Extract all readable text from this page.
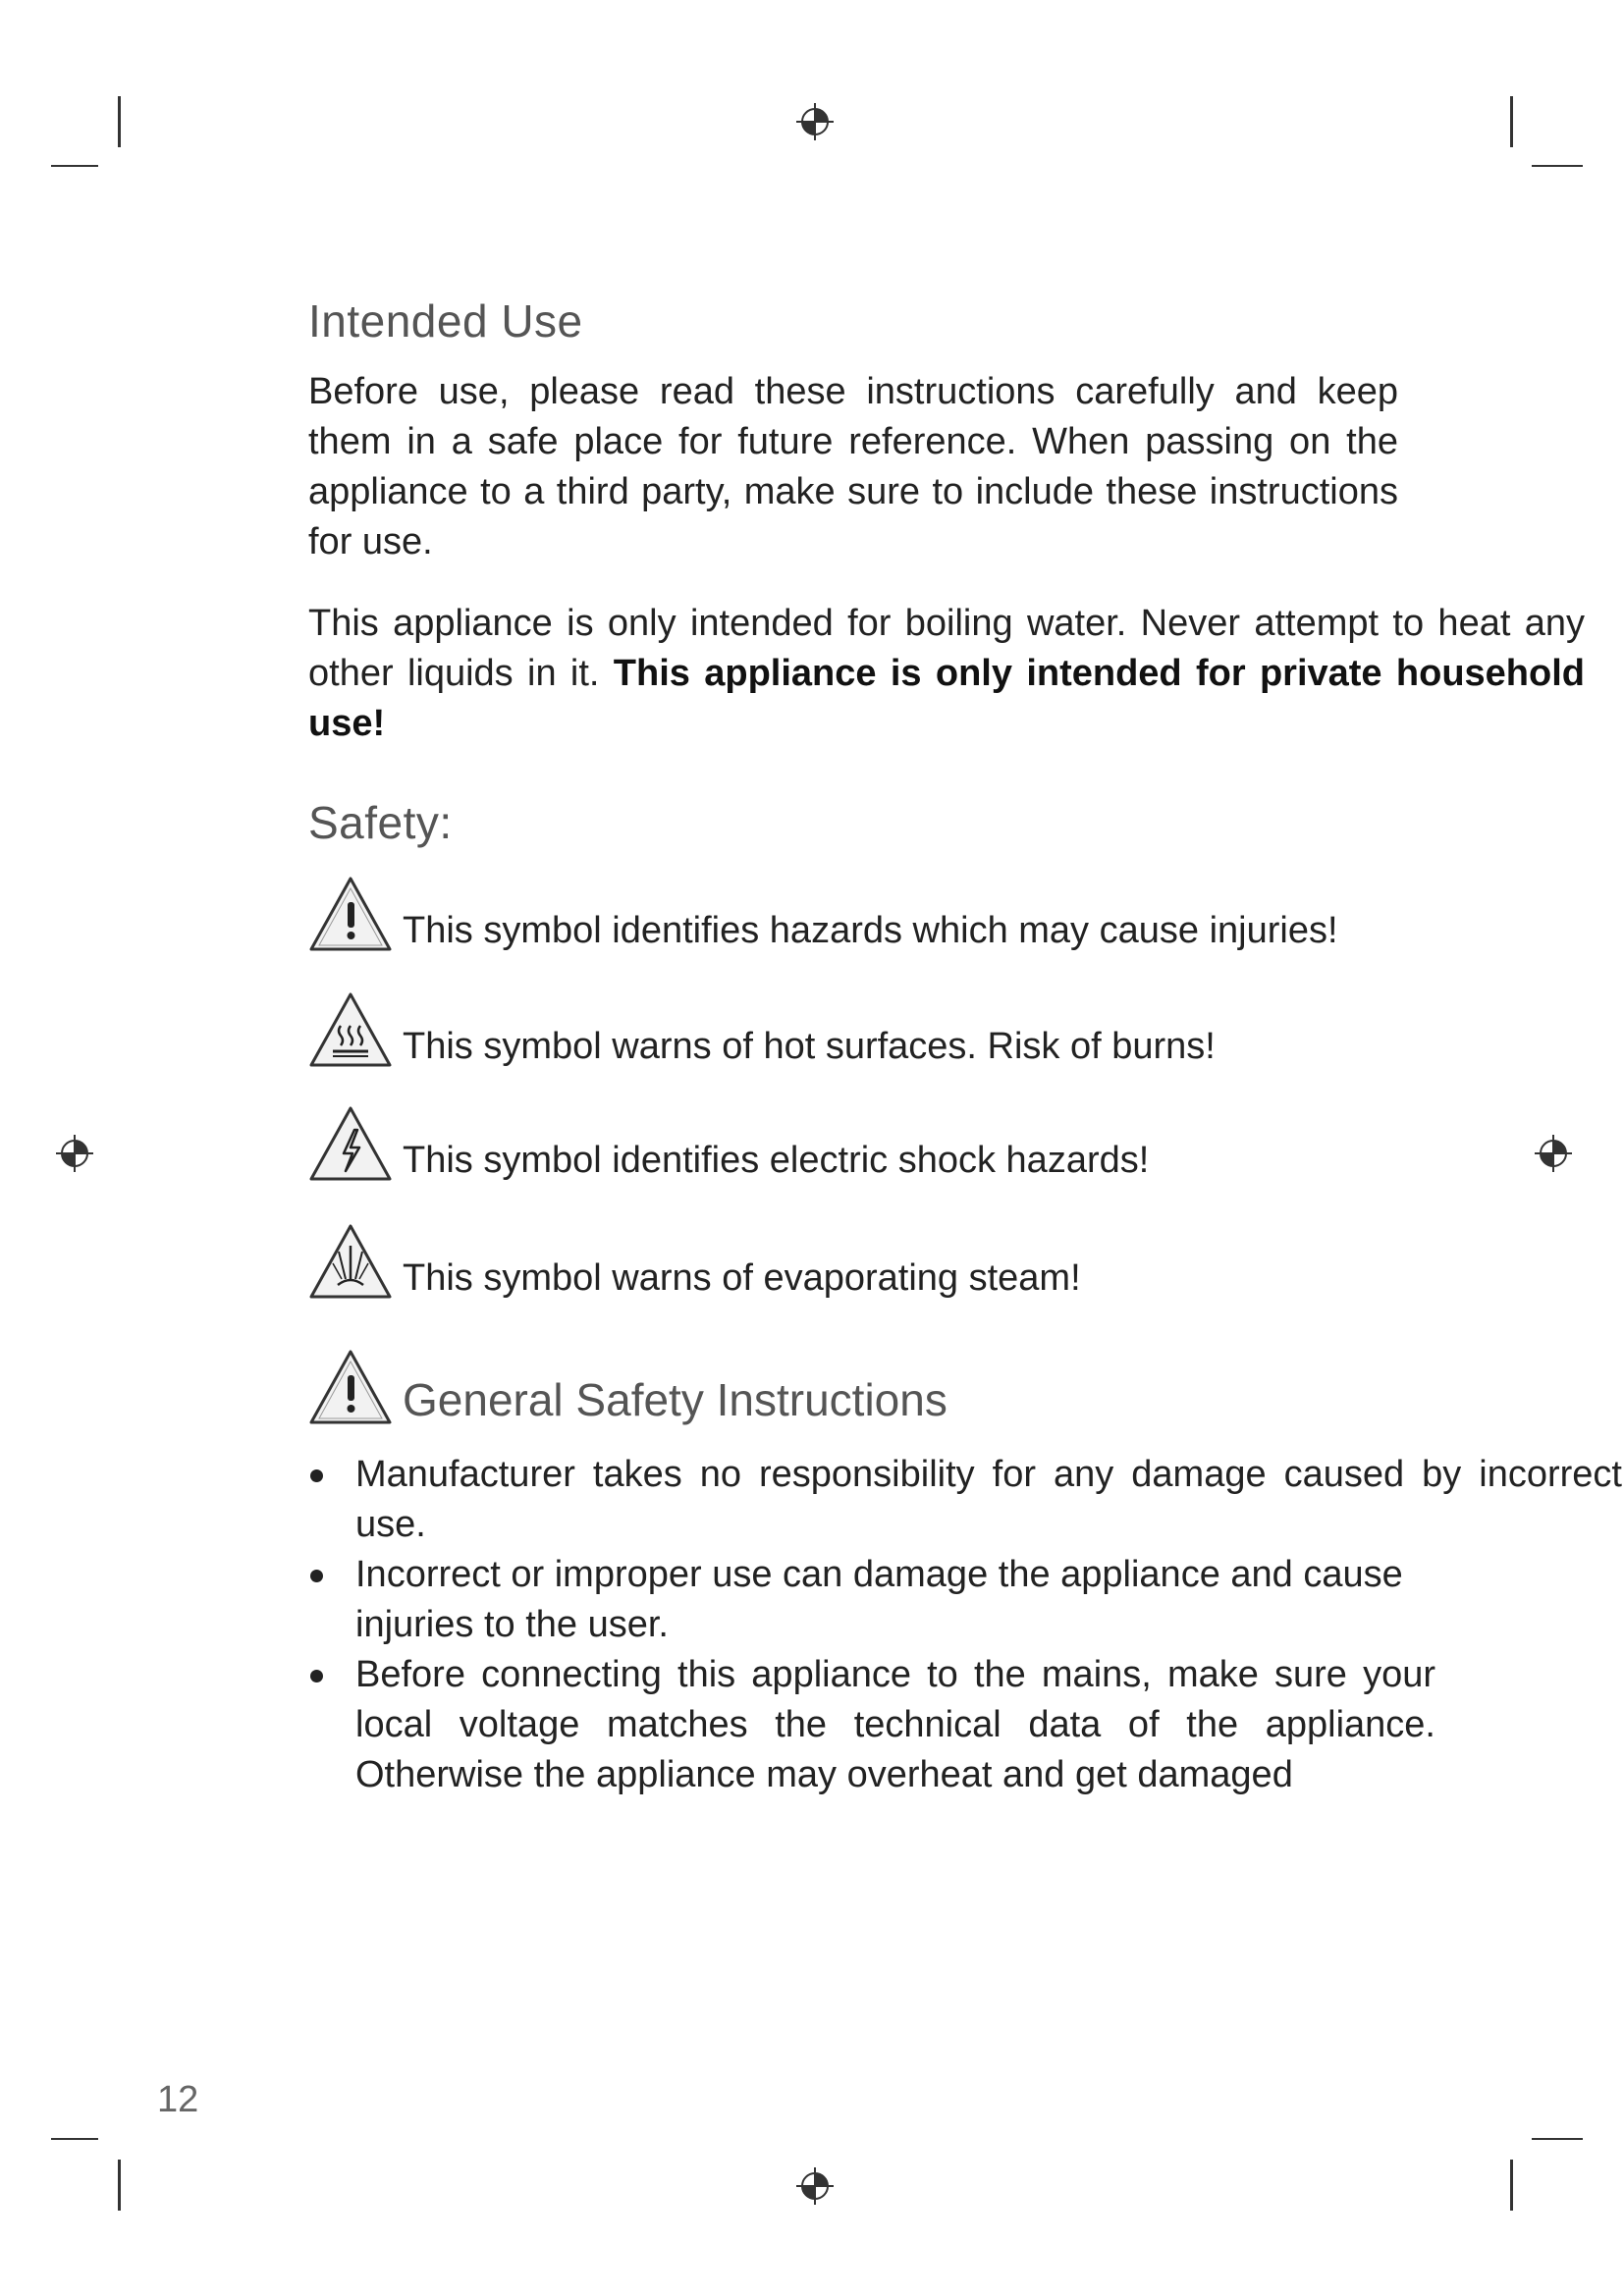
Intended Use

Before use, please read these instructions carefully and keep them in a safe place for future reference. When passing on the appliance to a third party, make sure to include these instructions for use.

This appliance is only intended for boiling water. Never attempt to heat any other liquids in it. This appliance is only intended for private household use!

Safety:
This symbol identifies hazards which may cause injuries!
This symbol warns of hot surfaces. Risk of burns!
This symbol identifies electric shock hazards!
This symbol warns of evaporating steam!
General Safety Instructions
Manufacturer takes no responsibility for any damage caused by incorrect use.
Incorrect or improper use can damage the appliance and cause injuries to the user.
Before connecting this appliance to the mains, make sure your local voltage matches the technical data of the appliance. Otherwise the appliance may overheat and get damaged
12
